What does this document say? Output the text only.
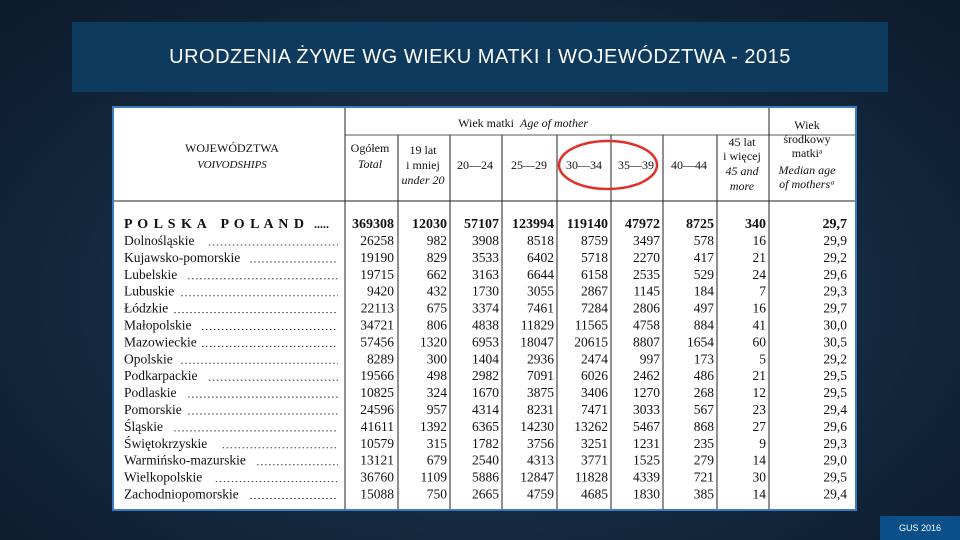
URODZENIA ŻYWE WG WIEKU MATKI I WOJEWÓDZTWA - 2015
WOJEWÓDZTWA
VOIVODSHIPS
Ogółem
Total
Wiek matki Age of mother
19 lat
i mniej
under 20
20—24 25—29 30—34 35—39 40—44
45 lat
i więcej
45 and
more
Wiek
środkowy
matkiᵃ
Median age
of mothersᵃ
P O L S K A   P O L A N D	369308 12030 57107 123994 119140 47972 8725 340	29,7
.....
Dolnośląskie	26258 982 3908 8518 8759 3497	578	16	29,9
Kujawsko-pomorskie	19190 829 3533 6402 5718 2270	417	21	29,2
Lubelskie	19715 662 3163 6644 6158 2535	529	24	29,6
Lubuskie	9420 432 1730 3055 2867 1145	184	7	29,3
Łódzkie	22113 675 3374 7461 7284 2806	497	16	29,7
Małopolskie	34721 806 4838 11829 11565 4758	884	41	30,0
Mazowieckie	57456 1320 6953 18047 20615 8807 1654	60	30,5
Opolskie	8289 300 1404 2936 2474 997	173	5	29,2
Podkarpackie	19566 498 2982 7091 6026 2462	486	21	29,5
Podlaskie	10825 324 1670 3875 3406 1270	268	12	29,5
Pomorskie	24596 957 4314 8231 7471 3033	567	23	29,4
Śląskie	41611 1392 6365 14230 13262 5467	868	27	29,6
Świętokrzyskie	10579 315 1782 3756 3251 1231	235	9	29,3
Warmińsko-mazurskie	13121 679 2540 4313 3771 1525	279	14	29,0
Wielkopolskie	36760 1109 5886 12847 11828 4339	721	30	29,5
Zachodniopomorskie	15088 750 2665 4759 4685 1830	385	14	29,4
GUS 2016
